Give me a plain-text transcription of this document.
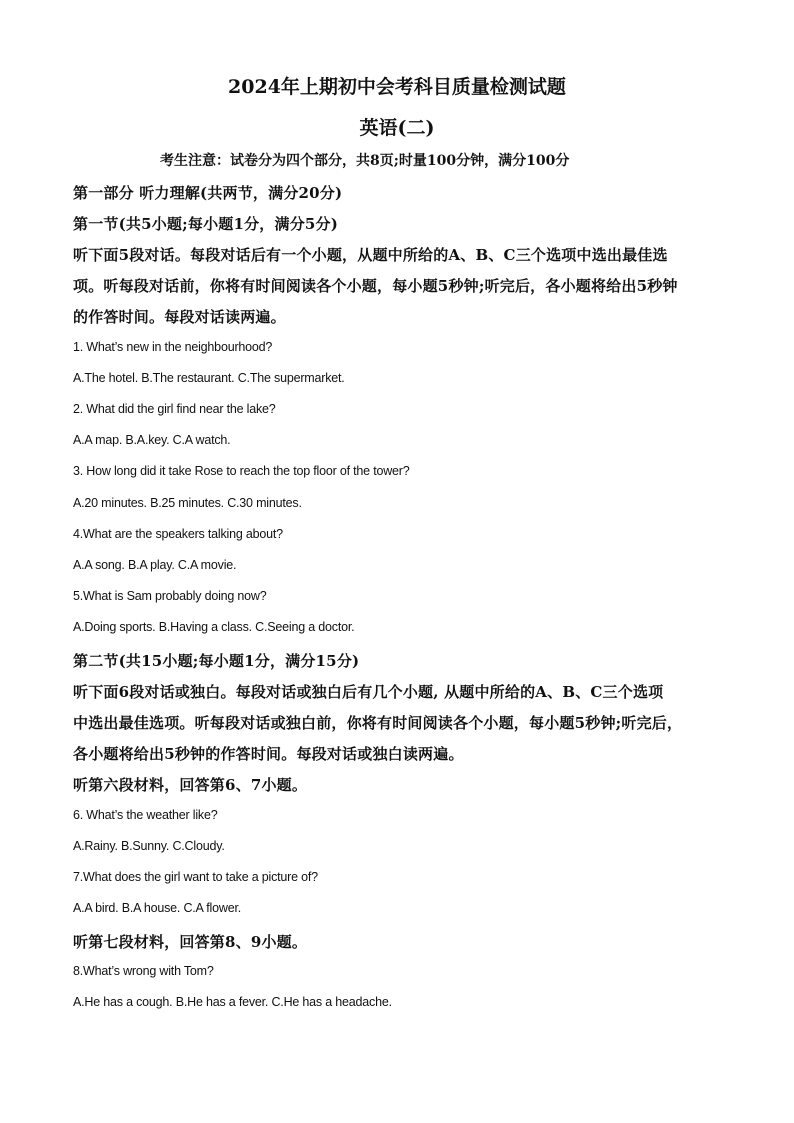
2024年上期初中会考科目质量检测试题
英语(二)
考生注意：试卷分为四个部分，共8页;时量100分钟，满分100分
第一部分 听力理解(共两节，满分20分)
第一节(共5小题;每小题1分，满分5分)
听下面5段对话。每段对话后有一个小题，从题中所给的A、B、C三个选项中选出最佳选
项。听每段对话前，你将有时间阅读各个小题，每小题5秒钟;听完后，各小题将给出5秒钟
的作答时间。每段对话读两遍。
1. What’s new in the neighbourhood?
A.The hotel. B.The restaurant. C.The supermarket.
2. What did the girl find near the lake?
A.A map. B.A.key. C.A watch.
3. How long did it take Rose to reach the top floor of the tower?
A.20 minutes. B.25 minutes. C.30 minutes.
4.What are the speakers talking about?
A.A song. B.A play. C.A movie.
5.What is Sam probably doing now?
A.Doing sports. B.Having a class. C.Seeing a doctor.
第二节(共15小题;每小题1分，满分15分)
听下面6段对话或独白。每段对话或独白后有几个小题, 从题中所给的A、B、C三个选项
中选出最佳选项。听每段对话或独白前，你将有时间阅读各个小题，每小题5秒钟;听完后，
各小题将给出5秒钟的作答时间。每段对话或独白读两遍。
听第六段材料，回答第6、7小题。
6. What’s the weather like?
A.Rainy. B.Sunny. C.Cloudy.
7.What does the girl want to take a picture of?
A.A bird. B.A house. C.A flower.
听第七段材料，回答第8、9小题。
8.What’s wrong with Tom?
A.He has a cough. B.He has a fever. C.He has a headache.
